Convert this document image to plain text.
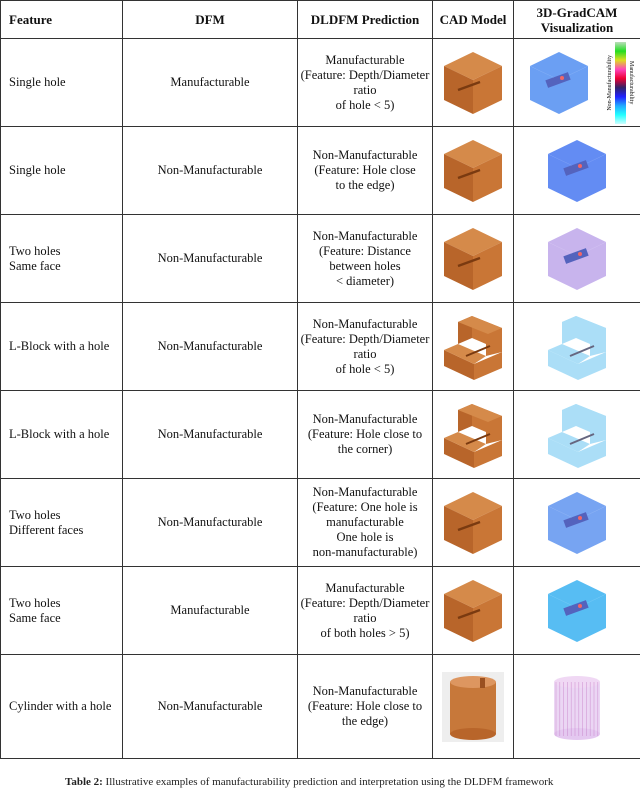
Feature	DFM	DLDFM Prediction	CAD Model	3D-GradCAM Visualization
Single hole	Manufacturable	Manufacturable
(Feature: Depth/Diameter ratio
of hole < 5)		Non-Manufacturability Manufacturability

Single hole	Non-Manufacturable	Non-Manufacturable
(Feature: Hole close
to the edge)	

Two holes
Same face	Non-Manufacturable	Non-Manufacturable
(Feature: Distance between holes
< diameter)	

L-Block with a hole	Non-Manufacturable	Non-Manufacturable
(Feature: Depth/Diameter ratio
of hole < 5)	

L-Block with a hole	Non-Manufacturable	Non-Manufacturable
(Feature: Hole close to
the corner)	

Two holes
Different faces	Non-Manufacturable	Non-Manufacturable
(Feature: One hole is
manufacturable
One hole is
non-manufacturable)	

Two holes
Same face	Manufacturable	Manufacturable
(Feature: Depth/Diameter ratio
of both holes > 5)	

Cylinder with a hole	Non-Manufacturable	Non-Manufacturable
(Feature: Hole close to
the edge)	

Table 2: Illustrative examples of manufacturability prediction and interpretation using the DLDFM framework
